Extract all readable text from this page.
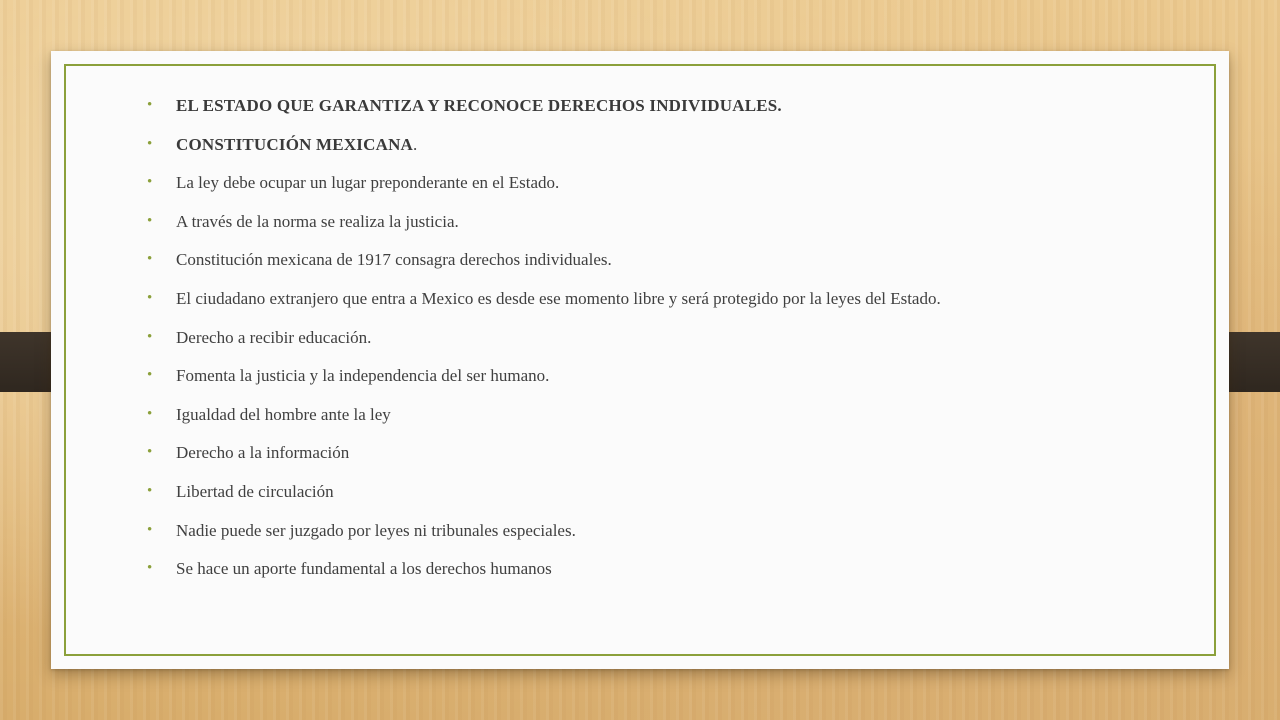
• EL ESTADO QUE GARANTIZA Y RECONOCE DERECHOS INDIVIDUALES.
• CONSTITUCIÓN MEXICANA.
• La ley debe ocupar un lugar preponderante en el Estado.
• A través de la norma se realiza la justicia.
• Constitución mexicana de 1917 consagra derechos individuales.
• El ciudadano extranjero que entra a Mexico es desde ese momento libre y será protegido por la leyes del Estado.
• Derecho a recibir educación.
• Fomenta la justicia y la independencia del ser humano.
• Igualdad del hombre ante la ley
• Derecho a la información
• Libertad de circulación
• Nadie puede ser juzgado por leyes ni tribunales especiales.
• Se hace un aporte fundamental a los derechos humanos
